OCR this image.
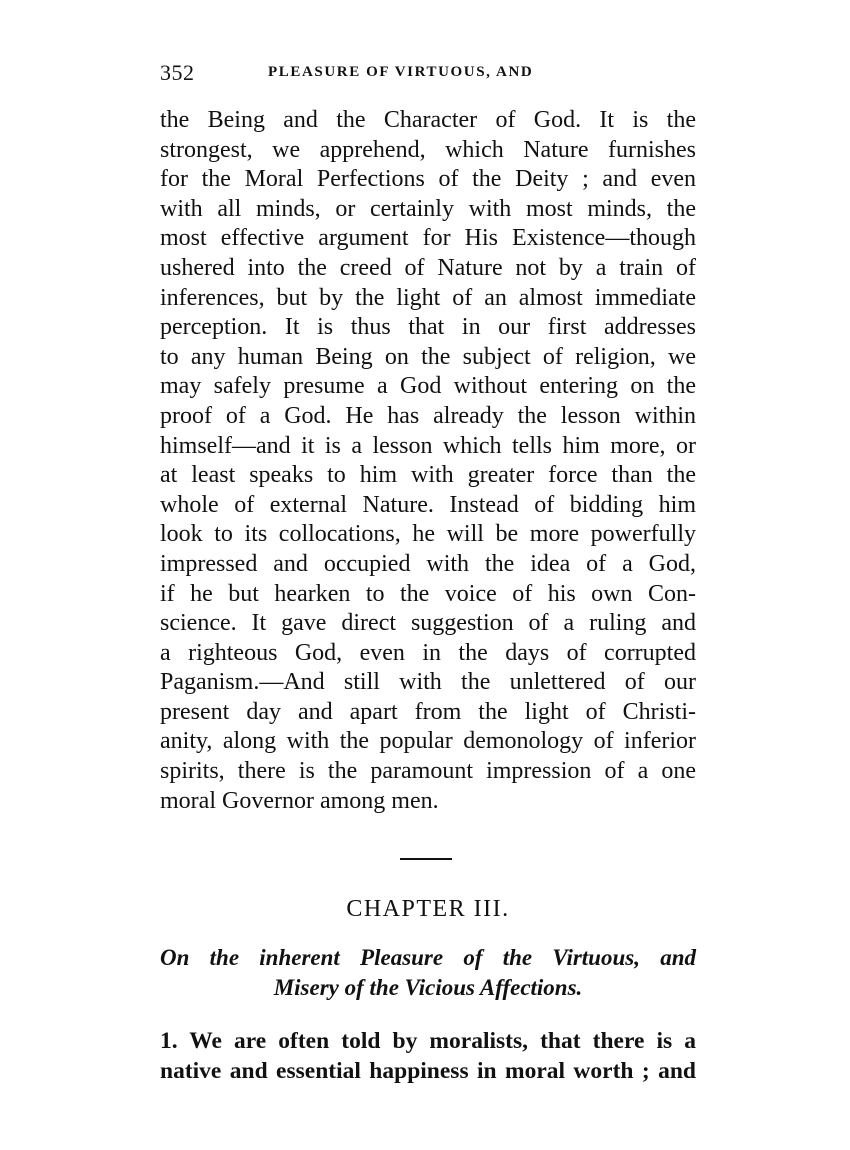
352	PLEASURE OF VIRTUOUS, AND
the Being and the Character of God. It is the
strongest, we apprehend, which Nature furnishes
for the Moral Perfections of the Deity ; and even
with all minds, or certainly with most minds, the
most effective argument for His Existence—though
ushered into the creed of Nature not by a train of
inferences, but by the light of an almost immediate
perception. It is thus that in our first addresses
to any human Being on the subject of religion, we
may safely presume a God without entering on the
proof of a God. He has already the lesson within
himself—and it is a lesson which tells him more, or
at least speaks to him with greater force than the
whole of external Nature. Instead of bidding him
look to its collocations, he will be more powerfully
impressed and occupied with the idea of a God,
if he but hearken to the voice of his own Con-
science. It gave direct suggestion of a ruling and
a righteous God, even in the days of corrupted
Paganism.—And still with the unlettered of our
present day and apart from the light of Christi-
anity, along with the popular demonology of inferior
spirits, there is the paramount impression of a one
moral Governor among men.
CHAPTER III.
On the inherent Pleasure of the Virtuous, and
Misery of the Vicious Affections.
1. We are often told by moralists, that there is a
native and essential happiness in moral worth ; and
